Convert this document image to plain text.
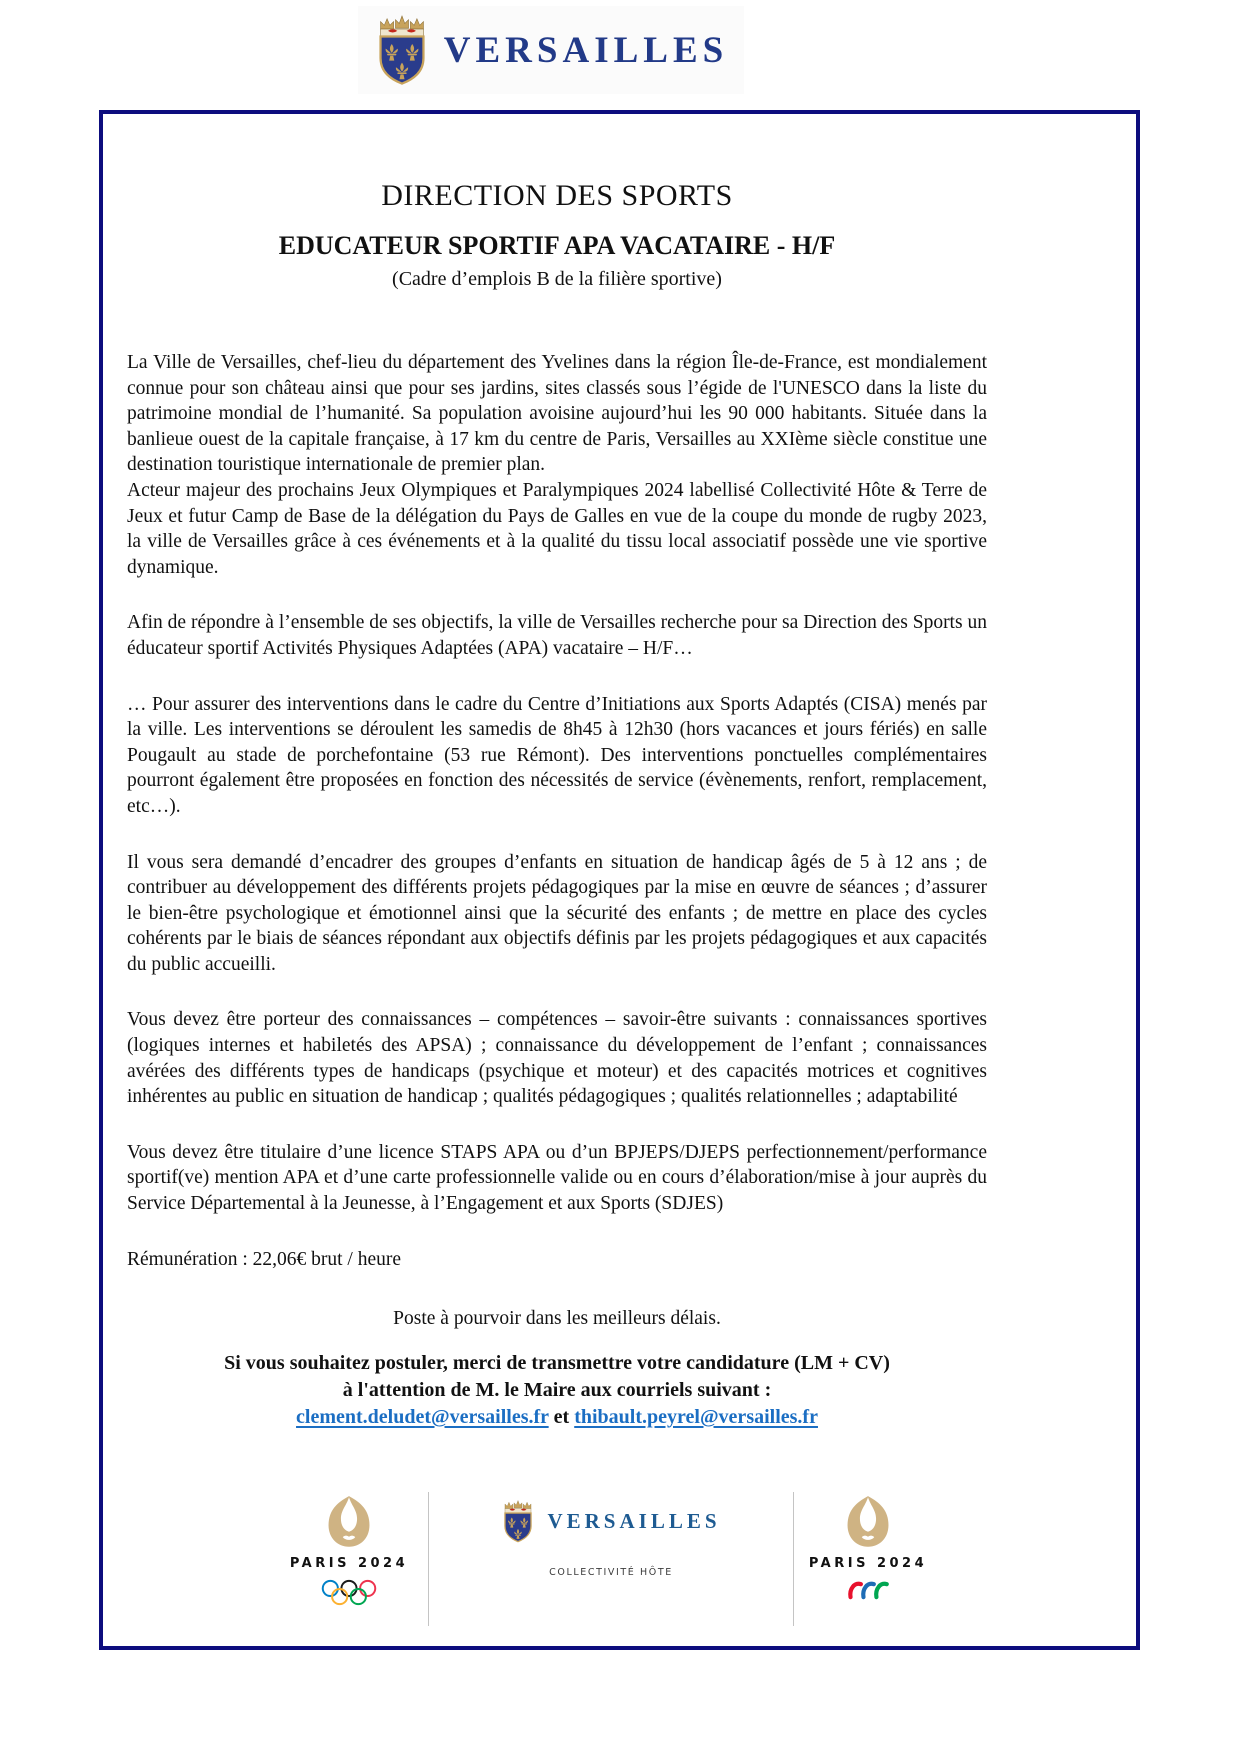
VERSAILLES
DIRECTION DES SPORTS
EDUCATEUR SPORTIF APA VACATAIRE - H/F
(Cadre d’emplois B de la filière sportive)

La Ville de Versailles, chef-lieu du département des Yvelines dans la région Île-de-France, est mondialement connue pour son château ainsi que pour ses jardins, sites classés sous l’égide de l'UNESCO dans la liste du patrimoine mondial de l’humanité. Sa population avoisine aujourd’hui les 90 000 habitants. Située dans la banlieue ouest de la capitale française, à 17 km du centre de Paris, Versailles au XXIème siècle constitue une destination touristique internationale de premier plan.

Acteur majeur des prochains Jeux Olympiques et Paralympiques 2024 labellisé Collectivité Hôte & Terre de Jeux et futur Camp de Base de la délégation du Pays de Galles en vue de la coupe du monde de rugby 2023, la ville de Versailles grâce à ces événements et à la qualité du tissu local associatif possède une vie sportive dynamique.

Afin de répondre à l’ensemble de ses objectifs, la ville de Versailles recherche pour sa Direction des Sports un éducateur sportif Activités Physiques Adaptées (APA) vacataire – H/F…

… Pour assurer des interventions dans le cadre du Centre d’Initiations aux Sports Adaptés (CISA) menés par la ville. Les interventions se déroulent les samedis de 8h45 à 12h30 (hors vacances et jours fériés) en salle Pougault au stade de porchefontaine (53 rue Rémont). Des interventions ponctuelles complémentaires pourront également être proposées en fonction des nécessités de service (évènements, renfort, remplacement, etc…).

Il vous sera demandé d’encadrer des groupes d’enfants en situation de handicap âgés de 5 à 12 ans ; de contribuer au développement des différents projets pédagogiques par la mise en œuvre de séances ; d’assurer le bien-être psychologique et émotionnel ainsi que la sécurité des enfants ; de mettre en place des cycles cohérents par le biais de séances répondant aux objectifs définis par les projets pédagogiques et aux capacités du public accueilli.

Vous devez être porteur des connaissances – compétences – savoir-être suivants : connaissances sportives (logiques internes et habiletés des APSA) ; connaissance du développement de l’enfant ; connaissances avérées des différents types de handicaps (psychique et moteur) et des capacités motrices et cognitives inhérentes au public en situation de handicap ; qualités pédagogiques ; qualités relationnelles ; adaptabilité

Vous devez être titulaire d’une licence STAPS APA ou d’un BPJEPS/DJEPS perfectionnement/performance sportif(ve) mention APA et d’une carte professionnelle valide ou en cours d’élaboration/mise à jour auprès du Service Départemental à la Jeunesse, à l’Engagement et aux Sports (SDJES)

Rémunération : 22,06€ brut / heure

Poste à pourvoir dans les meilleurs délais.

Si vous souhaitez postuler, merci de transmettre votre candidature (LM + CV)
à l'attention de M. le Maire aux courriels suivant :
clement.deludet@versailles.fr et thibault.peyrel@versailles.fr
PARIS 2024
VERSAILLES
COLLECTIVITÉ HÔTE
PARIS 2024
